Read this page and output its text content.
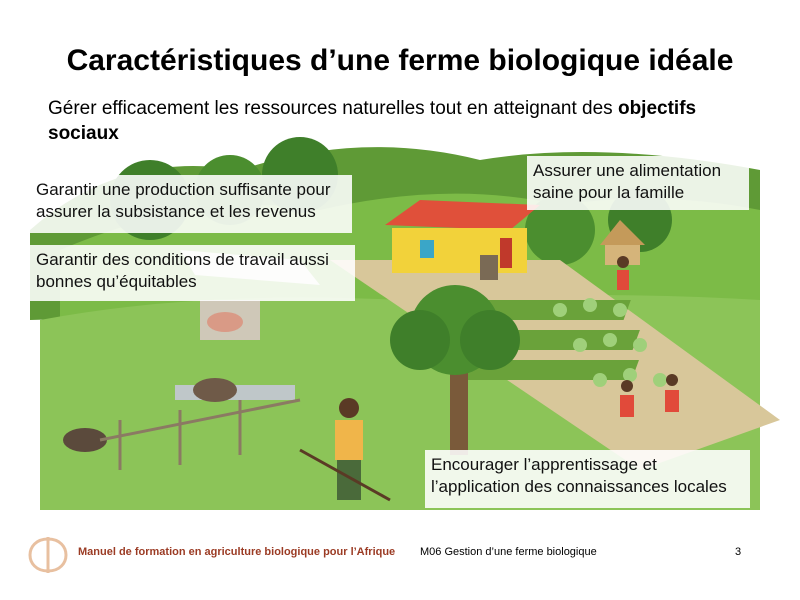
Caractéristiques d’une ferme biologique idéale
Gérer efficacement les ressources naturelles tout en atteignant des objectifs sociaux
Garantir une production suffisante pour assurer la subsistance et les revenus
Garantir des conditions de travail aussi bonnes qu’équitables
Assurer une alimentation saine pour la famille
Encourager l’apprentissage et l’application des connaissances locales
Manuel de formation en agriculture biologique pour l’Afrique M06 Gestion d’une ferme biologique	3
